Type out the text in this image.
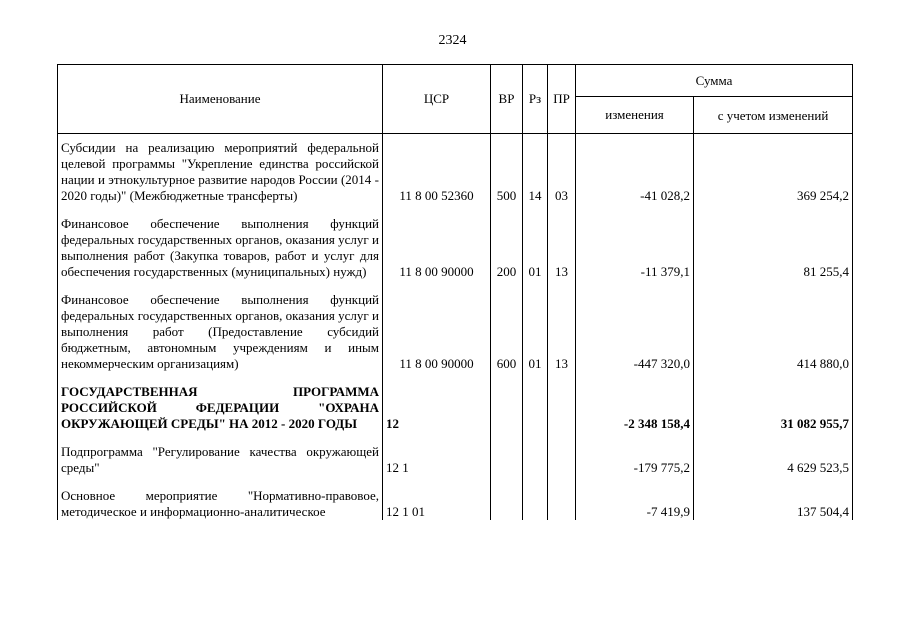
2324
Наименование	ЦСР	ВР	Рз	ПР	Сумма	
					изменения	с учетом изменений
Субсидии на реализацию мероприятий федеральной целевой программы "Укрепление единства российской нации и этнокультурное развитие народов России (2014 - 2020 годы)" (Межбюджетные трансферты)	11 8 00 52360	500	14	03	-41 028,2	369 254,2
Финансовое обеспечение выполнения функций федеральных государственных органов, оказания услуг и выполнения работ (Закупка товаров, работ и услуг для обеспечения государственных (муниципальных) нужд)	11 8 00 90000	200	01	13	-11 379,1	81 255,4
Финансовое обеспечение выполнения функций федеральных государственных органов, оказания услуг и выполнения работ (Предоставление субсидий бюджетным, автономным учреждениям и иным некоммерческим организациям)	11 8 00 90000	600	01	13	-447 320,0	414 880,0
ГОСУДАРСТВЕННАЯ ПРОГРАММА РОССИЙСКОЙ ФЕДЕРАЦИИ "ОХРАНА ОКРУЖАЮЩЕЙ СРЕДЫ" НА 2012 - 2020 ГОДЫ	12				-2 348 158,4	31 082 955,7
Подпрограмма "Регулирование качества окружающей среды"	12 1				-179 775,2	4 629 523,5
Основное мероприятие "Нормативно-правовое, методическое и информационно-аналитическое	12 1 01				-7 419,9	137 504,4
